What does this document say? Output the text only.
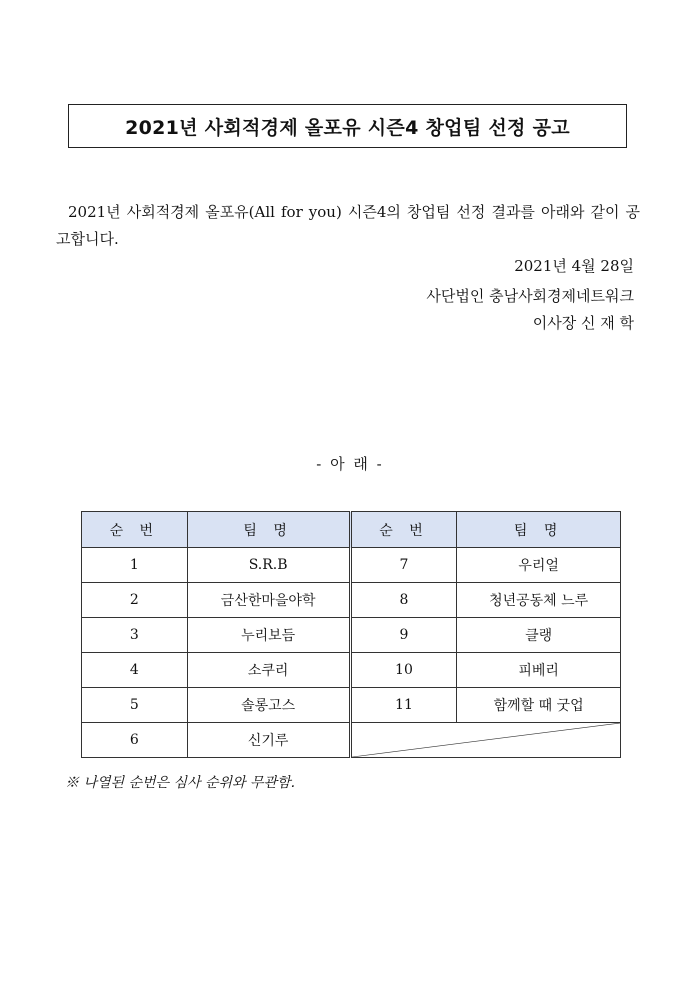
2021년 사회적경제 올포유 시즌4 창업팀 선정 공고

2021년 사회적경제 올포유(All for you) 시즌4의 창업팀 선정 결과를 아래와 같이 공고합니다.

2021년 4월 28일
사단법인 충남사회경제네트워크
이사장 신 재 학
- 아 래 -
순 번	팀 명	순 번	팀 명
1	S.R.B	7	우리얼
2	금산한마을야학	8	청년공동체 느루
3	누리보듬	9	클랭
4	소쿠리	10	피베리
5	솔롱고스	11	함께할 때 굿업
6	신기루	
※ 나열된 순번은 심사 순위와 무관함.
